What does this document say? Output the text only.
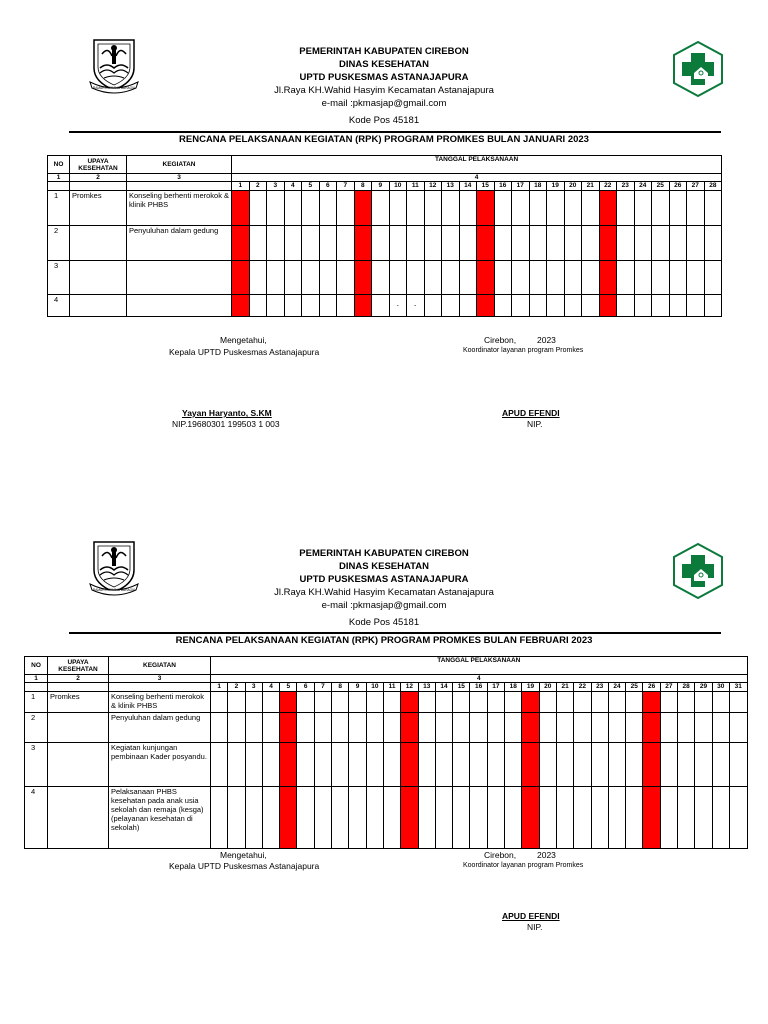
RAMAH INGKANG BAHAGIA
PEMERINTAH KABUPATEN CIREBON
DINAS KESEHATAN
UPTD PUSKESMAS ASTANAJAPURA
Jl.Raya KH.Wahid Hasyim Kecamatan Astanajapura
e-mail :pkmasjap@gmail.com
Kode Pos 45181
RENCANA PELAKSANAAN KEGIATAN (RPK) PROGRAM PROMKES BULAN JANUARI 2023
NO	UPAYA KESEHATAN	KEGIATAN	TANGGAL PELAKSANAAN																											
1	2	3	4																											
			1	2	3	4	5	6	7	8	9	10	11	12	13	14	15	16	17	18	19	20	21	22	23	24	25	26	27	28
1	Promkes	Konseling berhenti merokok & klinik PHBS																												
2		Penyuluhan dalam gedung																												
3																														
4												-	-																	
Mengetahui,
Kepala UPTD Puskesmas Astanajapura
Cirebon, 2023
Koordinator layanan program Promkes
Yayan Haryanto, S.KM
NIP.19680301 199503 1 003
APUD EFENDI
NIP.
RAMAH INGKANG BAHAGIA
PEMERINTAH KABUPATEN CIREBON
DINAS KESEHATAN
UPTD PUSKESMAS ASTANAJAPURA
Jl.Raya KH.Wahid Hasyim Kecamatan Astanajapura
e-mail :pkmasjap@gmail.com
Kode Pos 45181
RENCANA PELAKSANAAN KEGIATAN (RPK) PROGRAM PROMKES BULAN FEBRUARI 2023
NO	UPAYA KESEHATAN	KEGIATAN	TANGGAL PELAKSANAAN																														
1	2	3	4																														
			1	2	3	4	5	6	7	8	9	10	11	12	13	14	15	16	17	18	19	20	21	22	23	24	25	26	27	28	29	30	31
1	Promkes	Konseling berhenti merokok & klinik PHBS																															
2		Penyuluhan dalam gedung																															
3		Kegiatan kunjungan pembinaan Kader posyandu.																															
4		Pelaksanaan PHBS kesehatan pada anak usia sekolah dan remaja (kesga) (pelayanan kesehatan di sekolah)																															
Mengetahui,
Kepala UPTD Puskesmas Astanajapura
Cirebon, 2023
Koordinator layanan program Promkes
APUD EFENDI
NIP.
